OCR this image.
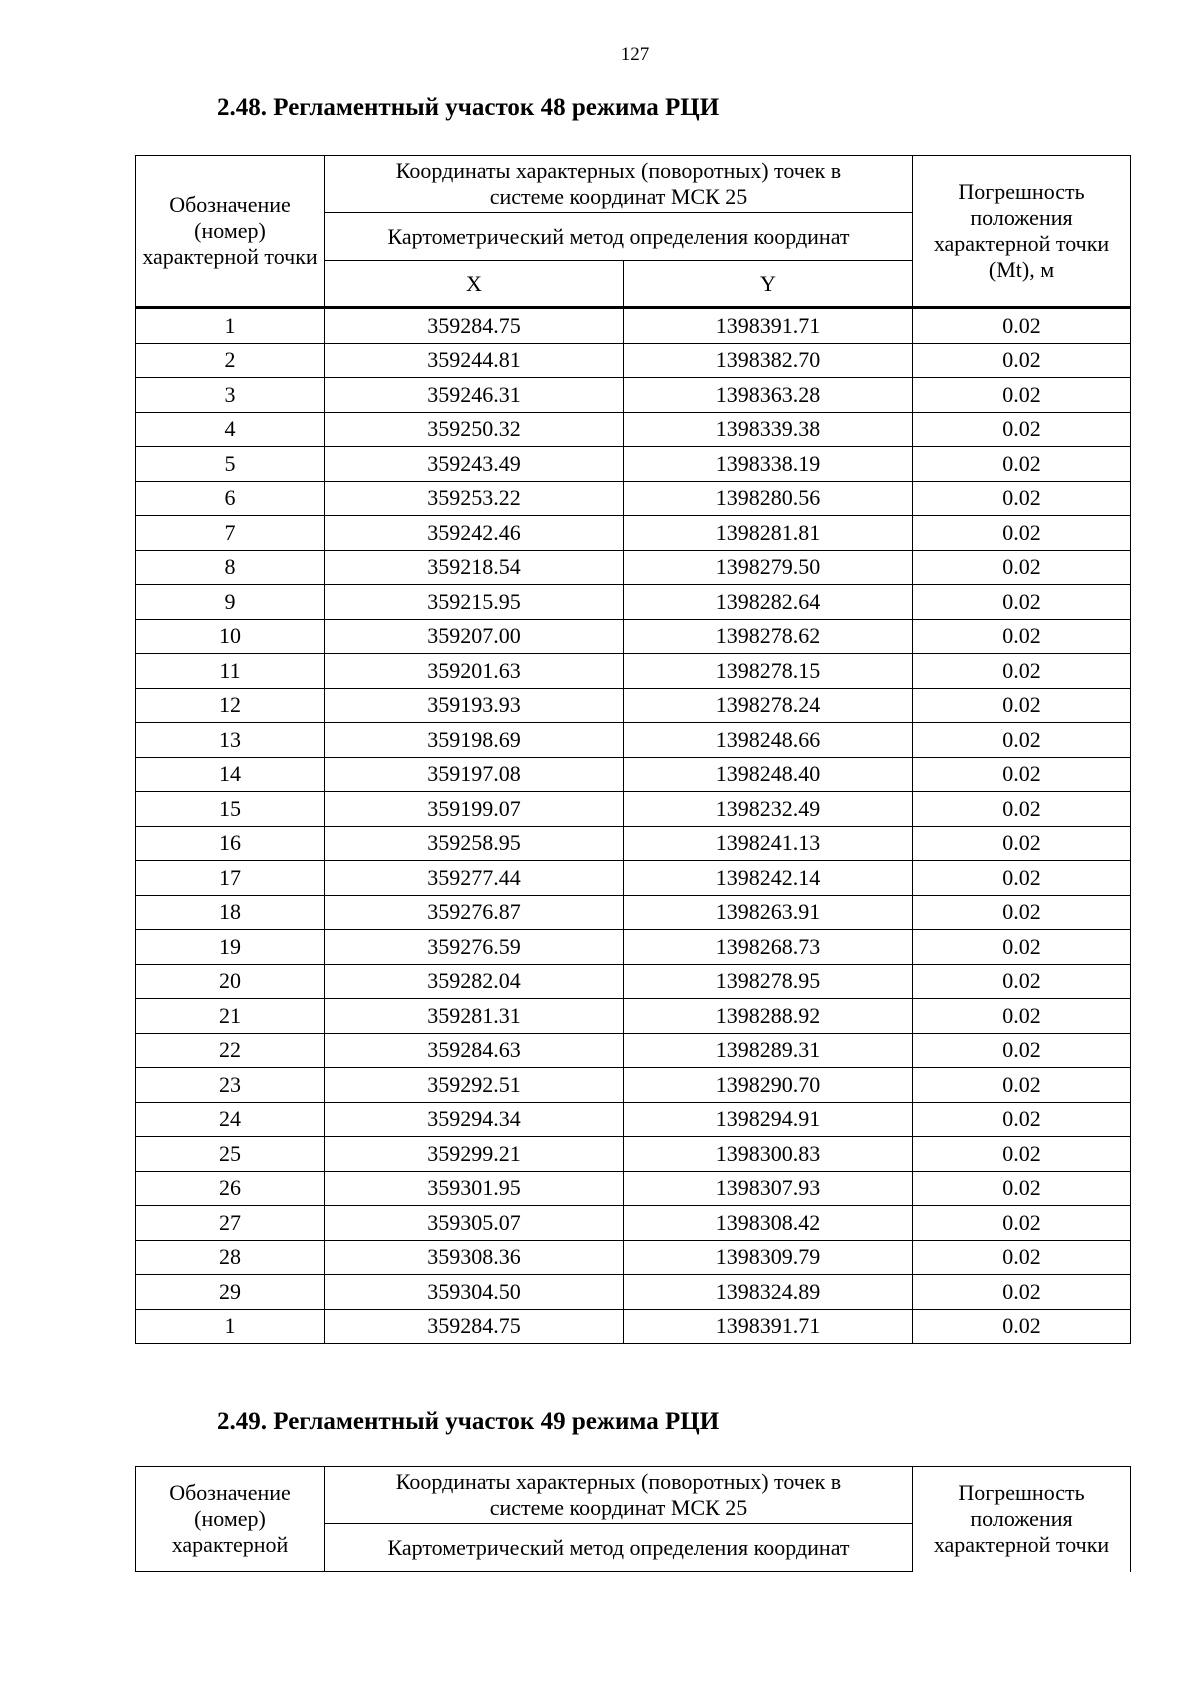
127
2.48. Регламентный участок 48 режима РЦИ
Обозначение (номер) характерной точки	Координаты характерных (поворотных) точек в системе координат МСК 25		Погрешность положения характерной точки (Mt), м
	Картометрический метод определения координат		
	X	Y	
1	359284.75	1398391.71	0.02
2	359244.81	1398382.70	0.02
3	359246.31	1398363.28	0.02
4	359250.32	1398339.38	0.02
5	359243.49	1398338.19	0.02
6	359253.22	1398280.56	0.02
7	359242.46	1398281.81	0.02
8	359218.54	1398279.50	0.02
9	359215.95	1398282.64	0.02
10	359207.00	1398278.62	0.02
11	359201.63	1398278.15	0.02
12	359193.93	1398278.24	0.02
13	359198.69	1398248.66	0.02
14	359197.08	1398248.40	0.02
15	359199.07	1398232.49	0.02
16	359258.95	1398241.13	0.02
17	359277.44	1398242.14	0.02
18	359276.87	1398263.91	0.02
19	359276.59	1398268.73	0.02
20	359282.04	1398278.95	0.02
21	359281.31	1398288.92	0.02
22	359284.63	1398289.31	0.02
23	359292.51	1398290.70	0.02
24	359294.34	1398294.91	0.02
25	359299.21	1398300.83	0.02
26	359301.95	1398307.93	0.02
27	359305.07	1398308.42	0.02
28	359308.36	1398309.79	0.02
29	359304.50	1398324.89	0.02
1	359284.75	1398391.71	0.02
2.49. Регламентный участок 49 режима РЦИ
Обозначение (номер) характерной	Координаты характерных (поворотных) точек в системе координат МСК 25	Погрешность положения характерной точки
Картометрический метод определения координат
